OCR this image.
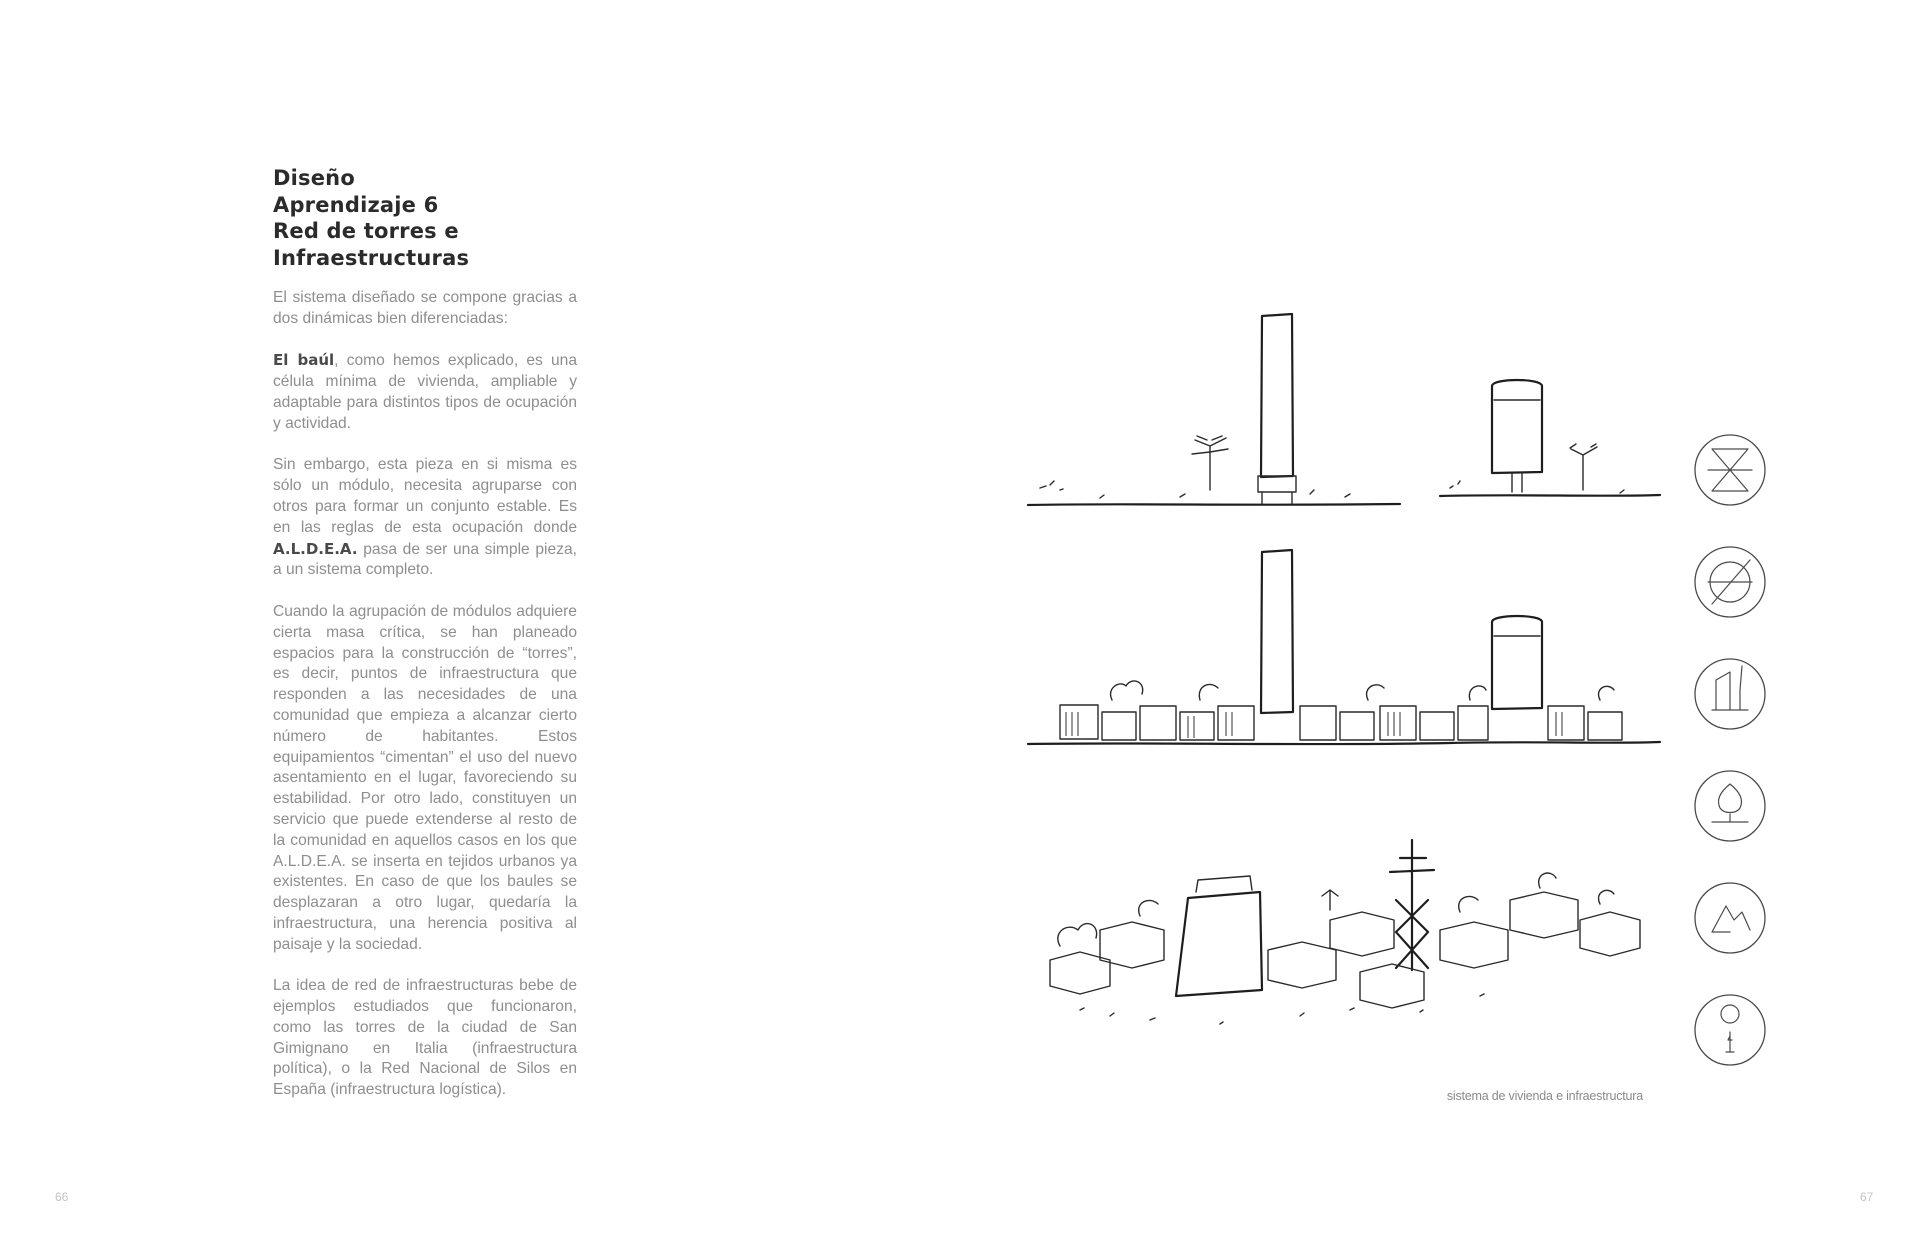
Diseño
Aprendizaje 6
Red de torres e
Infraestructuras

El sistema diseñado se compone gracias a dos dinámicas bien diferenciadas:

El baúl, como hemos explicado, es una célula mínima de vivienda, ampliable y adaptable para distintos tipos de ocupación y actividad.

Sin embargo, esta pieza en si misma es sólo un módulo, necesita agruparse con otros para formar un conjunto estable. Es en las reglas de esta ocupación donde A.L.D.E.A. pasa de ser una simple pieza, a un sistema completo.

Cuando la agrupación de módulos adquiere cierta masa crítica, se han planeado espacios para la construcción de “torres”, es decir, puntos de infraestructura que responden a las necesidades de una comunidad que empieza a alcanzar cierto número de habitantes. Estos equipamientos “cimentan” el uso del nuevo asentamiento en el lugar, favoreciendo su estabilidad. Por otro lado, constituyen un servicio que puede extenderse al resto de la comunidad en aquellos casos en los que A.L.D.E.A. se inserta en tejidos urbanos ya existentes. En caso de que los baules se desplazaran a otro lugar, quedaría la infraestructura, una herencia positiva al paisaje y la sociedad.

La idea de red de infraestructuras bebe de ejemplos estudiados que funcionaron, como las torres de la ciudad de San Gimignano en Italia (infraestructura política), o la Red Nacional de Silos en España (infraestructura logística).

66
sistema de vivienda e infraestructura
67
